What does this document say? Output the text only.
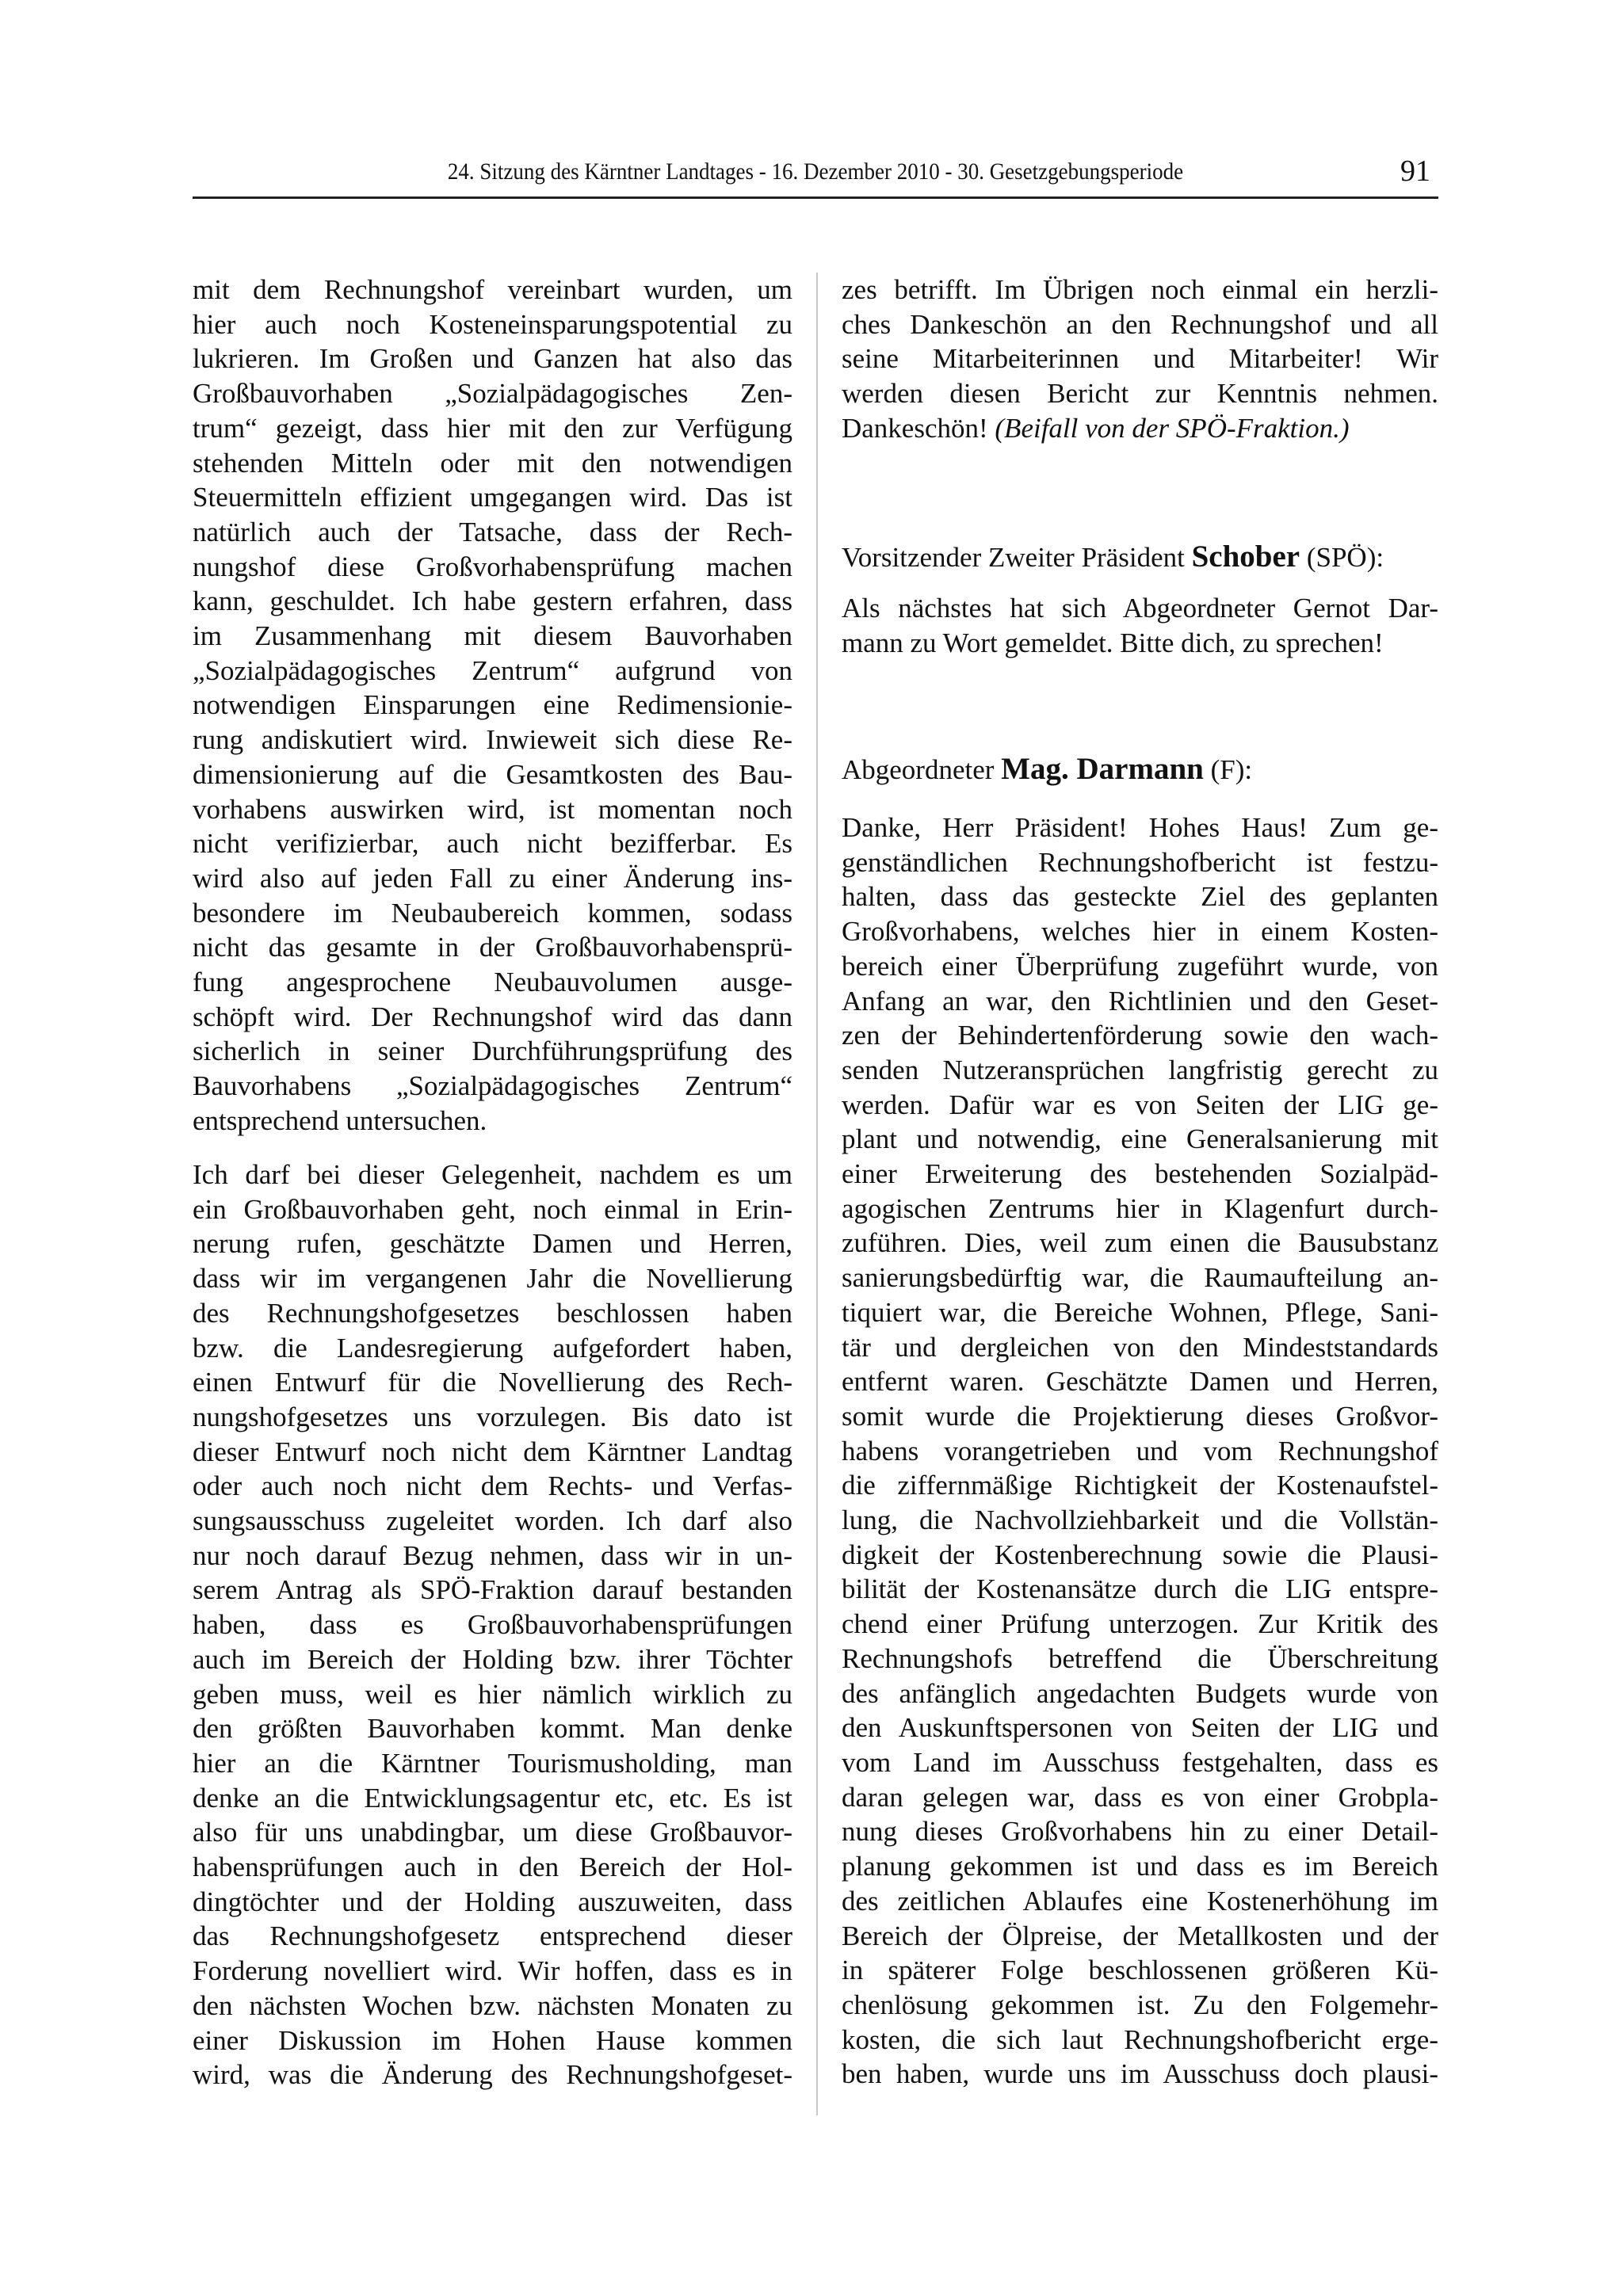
24. Sitzung des Kärntner Landtages - 16. Dezember 2010 - 30. Gesetzgebungsperiode	91
mit dem Rechnungshof vereinbart wurden, um
hier auch noch Kosteneinsparungspotential zu
lukrieren. Im Großen und Ganzen hat also das
Großbauvorhaben „Sozialpädagogisches Zen-
trum“ gezeigt, dass hier mit den zur Verfügung
stehenden Mitteln oder mit den notwendigen
Steuermitteln effizient umgegangen wird. Das ist
natürlich auch der Tatsache, dass der Rech-
nungshof diese Großvorhabensprüfung machen
kann, geschuldet. Ich habe gestern erfahren, dass
im Zusammenhang mit diesem Bauvorhaben
„Sozialpädagogisches Zentrum“ aufgrund von
notwendigen Einsparungen eine Redimensionie-
rung andiskutiert wird. Inwieweit sich diese Re-
dimensionierung auf die Gesamtkosten des Bau-
vorhabens auswirken wird, ist momentan noch
nicht verifizierbar, auch nicht bezifferbar. Es
wird also auf jeden Fall zu einer Änderung ins-
besondere im Neubaubereich kommen, sodass
nicht das gesamte in der Großbauvorhabensprü-
fung angesprochene Neubauvolumen ausge-
schöpft wird. Der Rechnungshof wird das dann
sicherlich in seiner Durchführungsprüfung des
Bauvorhabens „Sozialpädagogisches Zentrum“
entsprechend untersuchen.
Ich darf bei dieser Gelegenheit, nachdem es um
ein Großbauvorhaben geht, noch einmal in Erin-
nerung rufen, geschätzte Damen und Herren,
dass wir im vergangenen Jahr die Novellierung
des Rechnungshofgesetzes beschlossen haben
bzw. die Landesregierung aufgefordert haben,
einen Entwurf für die Novellierung des Rech-
nungshofgesetzes uns vorzulegen. Bis dato ist
dieser Entwurf noch nicht dem Kärntner Landtag
oder auch noch nicht dem Rechts- und Verfas-
sungsausschuss zugeleitet worden. Ich darf also
nur noch darauf Bezug nehmen, dass wir in un-
serem Antrag als SPÖ-Fraktion darauf bestanden
haben, dass es Großbauvorhabensprüfungen
auch im Bereich der Holding bzw. ihrer Töchter
geben muss, weil es hier nämlich wirklich zu
den größten Bauvorhaben kommt. Man denke
hier an die Kärntner Tourismusholding, man
denke an die Entwicklungsagentur etc, etc. Es ist
also für uns unabdingbar, um diese Großbauvor-
habensprüfungen auch in den Bereich der Hol-
dingtöchter und der Holding auszuweiten, dass
das Rechnungshofgesetz entsprechend dieser
Forderung novelliert wird. Wir hoffen, dass es in
den nächsten Wochen bzw. nächsten Monaten zu
einer Diskussion im Hohen Hause kommen
wird, was die Änderung des Rechnungshofgeset-
zes betrifft. Im Übrigen noch einmal ein herzli-
ches Dankeschön an den Rechnungshof und all
seine Mitarbeiterinnen und Mitarbeiter! Wir
werden diesen Bericht zur Kenntnis nehmen.
Dankeschön! (Beifall von der SPÖ-Fraktion.)
Vorsitzender Zweiter Präsident Schober (SPÖ):
Als nächstes hat sich Abgeordneter Gernot Dar-
mann zu Wort gemeldet. Bitte dich, zu sprechen!
Abgeordneter Mag. Darmann (F):
Danke, Herr Präsident! Hohes Haus! Zum ge-
genständlichen Rechnungshofbericht ist festzu-
halten, dass das gesteckte Ziel des geplanten
Großvorhabens, welches hier in einem Kosten-
bereich einer Überprüfung zugeführt wurde, von
Anfang an war, den Richtlinien und den Geset-
zen der Behindertenförderung sowie den wach-
senden Nutzeransprüchen langfristig gerecht zu
werden. Dafür war es von Seiten der LIG ge-
plant und notwendig, eine Generalsanierung mit
einer Erweiterung des bestehenden Sozialpäd-
agogischen Zentrums hier in Klagenfurt durch-
zuführen. Dies, weil zum einen die Bausubstanz
sanierungsbedürftig war, die Raumaufteilung an-
tiquiert war, die Bereiche Wohnen, Pflege, Sani-
tär und dergleichen von den Mindeststandards
entfernt waren. Geschätzte Damen und Herren,
somit wurde die Projektierung dieses Großvor-
habens vorangetrieben und vom Rechnungshof
die ziffernmäßige Richtigkeit der Kostenaufstel-
lung, die Nachvollziehbarkeit und die Vollstän-
digkeit der Kostenberechnung sowie die Plausi-
bilität der Kostenansätze durch die LIG entspre-
chend einer Prüfung unterzogen. Zur Kritik des
Rechnungshofs betreffend die Überschreitung
des anfänglich angedachten Budgets wurde von
den Auskunftspersonen von Seiten der LIG und
vom Land im Ausschuss festgehalten, dass es
daran gelegen war, dass es von einer Grobpla-
nung dieses Großvorhabens hin zu einer Detail-
planung gekommen ist und dass es im Bereich
des zeitlichen Ablaufes eine Kostenerhöhung im
Bereich der Ölpreise, der Metallkosten und der
in späterer Folge beschlossenen größeren Kü-
chenlösung gekommen ist. Zu den Folgemehr-
kosten, die sich laut Rechnungshofbericht erge-
ben haben, wurde uns im Ausschuss doch plausi-
